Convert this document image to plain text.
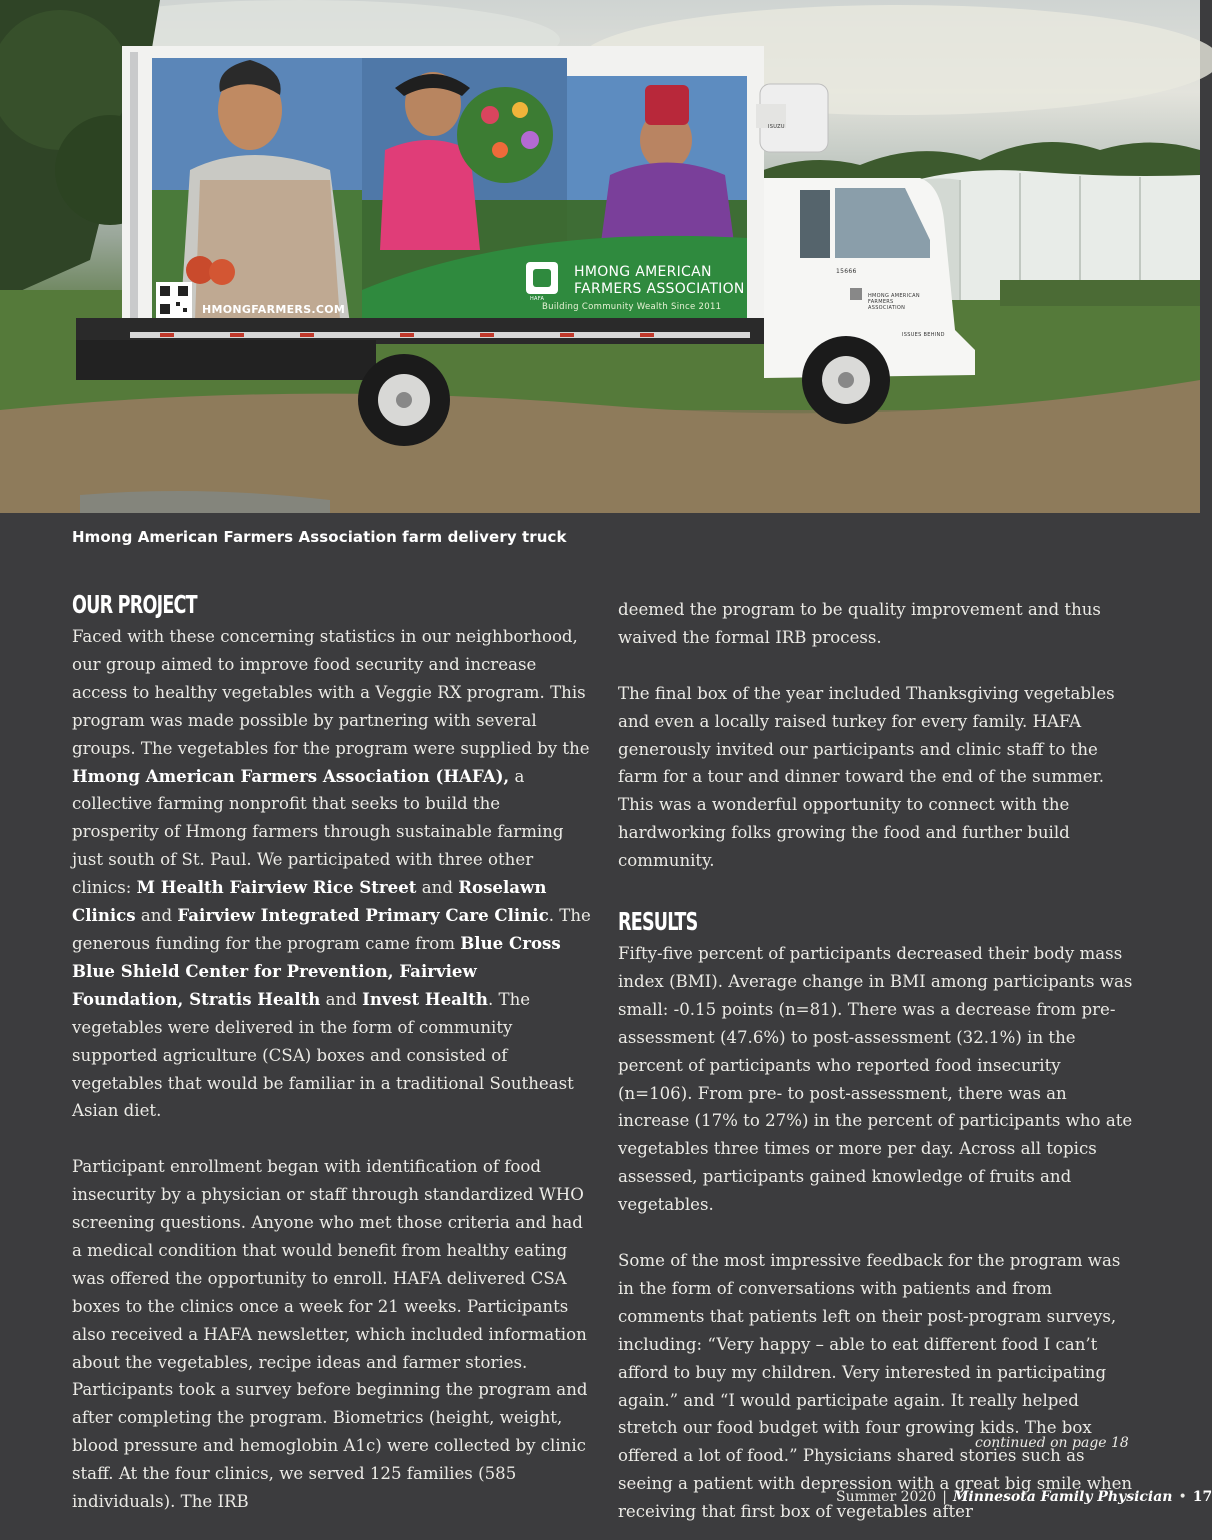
HMONG AMERICAN
FARMERS ASSOCIATION
Building Community Wealth Since 2011
HMONGFARMERS.COM
15666
HMONG AMERICAN FARMERS ASSOCIATION
ISSUES BEHIND
ISUZU
HAFA
Hmong American Farmers Association farm delivery truck
OUR PROJECT

Faced with these concerning statistics in our neighborhood, our group aimed to improve food security and increase access to healthy vegetables with a Veggie RX program. This program was made possible by partnering with several groups. The vegetables for the program were supplied by the Hmong American Farmers Association (HAFA), a collective farming nonprofit that seeks to build the prosperity of Hmong farmers through sustainable farming just south of St. Paul. We participated with three other clinics: M Health Fairview Rice Street and Roselawn Clinics and Fairview Integrated Primary Care Clinic. The generous funding for the program came from Blue Cross Blue Shield Center for Prevention, Fairview Foundation, Stratis Health and Invest Health. The vegetables were delivered in the form of community supported agriculture (CSA) boxes and consisted of vegetables that would be familiar in a traditional Southeast Asian diet.

Participant enrollment began with identification of food insecurity by a physician or staff through standardized WHO screening questions. Anyone who met those criteria and had a medical condition that would benefit from healthy eating was offered the opportunity to enroll. HAFA delivered CSA boxes to the clinics once a week for 21 weeks. Participants also received a HAFA newsletter, which included information about the vegetables, recipe ideas and farmer stories. Participants took a survey before beginning the program and after completing the program. Biometrics (height, weight, blood pressure and hemoglobin A1c) were collected by clinic staff. At the four clinics, we served 125 families (585 individuals). The IRB

deemed the program to be quality improvement and thus waived the formal IRB process.

The final box of the year included Thanksgiving vegetables and even a locally raised turkey for every family. HAFA generously invited our participants and clinic staff to the farm for a tour and dinner toward the end of the summer. This was a wonderful opportunity to connect with the hardworking folks growing the food and further build community.

RESULTS

Fifty-five percent of participants decreased their body mass index (BMI). Average change in BMI among participants was small: -0.15 points (n=81). There was a decrease from pre-assessment (47.6%) to post-assessment (32.1%) in the percent of participants who reported food insecurity (n=106). From pre- to post-assessment, there was an increase (17% to 27%) in the percent of participants who ate vegetables three times or more per day. Across all topics assessed, participants gained knowledge of fruits and vegetables.

Some of the most impressive feedback for the program was in the form of conversations with patients and from comments that patients left on their post-program surveys, including: “Very happy – able to eat different food I can’t afford to buy my children. Very interested in participating again.” and “I would participate again. It really helped stretch our food budget with four growing kids. The box offered a lot of food.” Physicians shared stories such as seeing a patient with depression with a great big smile when receiving that first box of vegetables after

continued on page 18
Summer 2020 | Minnesota Family Physician • 17
